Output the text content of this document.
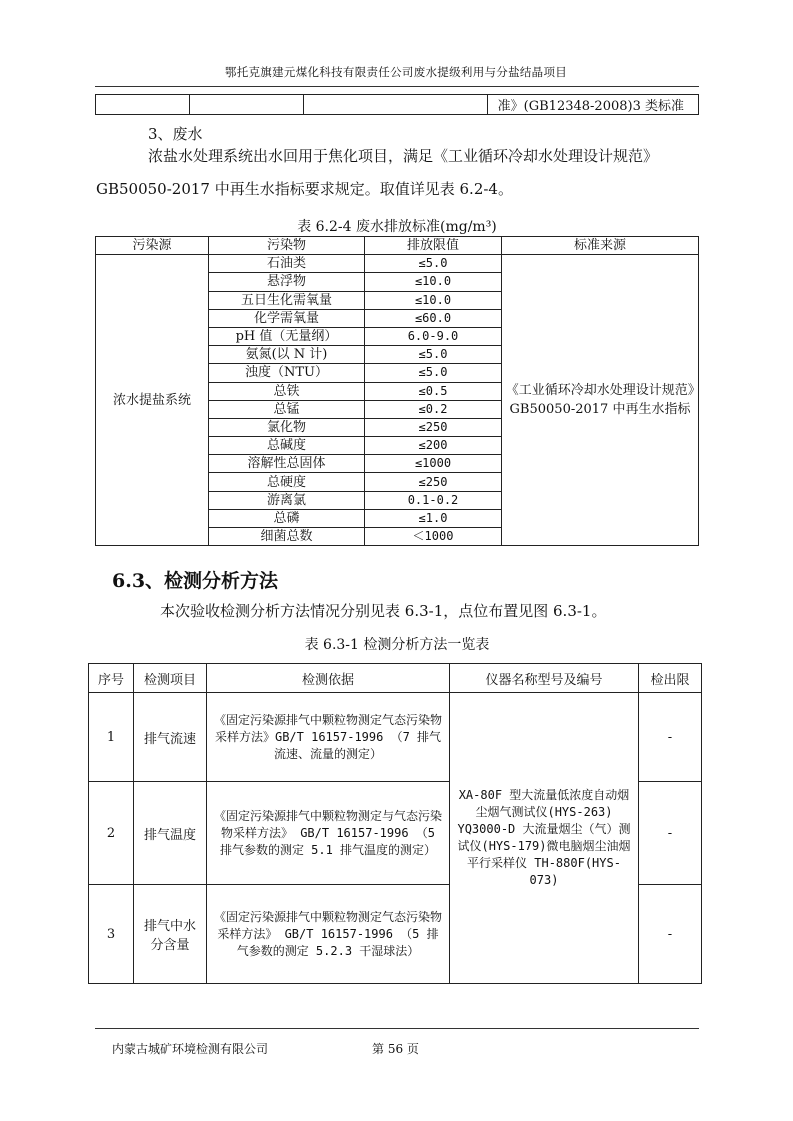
鄂托克旗建元煤化科技有限责任公司废水提级利用与分盐结晶项目
			准》(GB12348-2008)3 类标准
3、废水
浓盐水处理系统出水回用于焦化项目，满足《工业循环冷却水处理设计规范》
GB50050-2017 中再生水指标要求规定。取值详见表 6.2-4。
表 6.2-4 废水排放标准(mg/m³)
污染源	污染物	排放限值	标准来源
浓水提盐系统	石油类	≤5.0	《工业循环冷却水处理设计规范》GB50050-2017 中再生水指标
	悬浮物	≤10.0	
	五日生化需氧量	≤10.0	
	化学需氧量	≤60.0	
	pH 值（无量纲）	6.0-9.0	
	氨氮(以 N 计)	≤5.0	
	浊度（NTU）	≤5.0	
	总铁	≤0.5	
	总锰	≤0.2	
	氯化物	≤250	
	总碱度	≤200	
	溶解性总固体	≤1000	
	总硬度	≤250	
	游离氯	0.1-0.2	
	总磷	≤1.0	
	细菌总数	＜1000	
6.3、检测分析方法
本次验收检测分析方法情况分别见表 6.3-1，点位布置见图 6.3-1。
表 6.3-1 检测分析方法一览表
序号	检测项目	检测依据	仪器名称型号及编号	检出限
1	排气流速	《固定污染源排气中颗粒物测定气态污染物采样方法》GB/T 16157-1996 （7 排气流速、流量的测定）	XA-80F 型大流量低浓度自动烟尘烟气测试仪(HYS-263) YQ3000-D 大流量烟尘（气）测试仪(HYS-179)微电脑烟尘油烟平行采样仪 TH-880F(HYS-073)	-
2	排气温度	《固定污染源排气中颗粒物测定与气态污染物采样方法》 GB/T 16157-1996 （5 排气参数的测定 5.1 排气温度的测定）		-
3	排气中水分含量	《固定污染源排气中颗粒物测定气态污染物采样方法》 GB/T 16157-1996 （5 排气参数的测定 5.2.3 干湿球法）		-
内蒙古城矿环境检测有限公司	第 56 页
